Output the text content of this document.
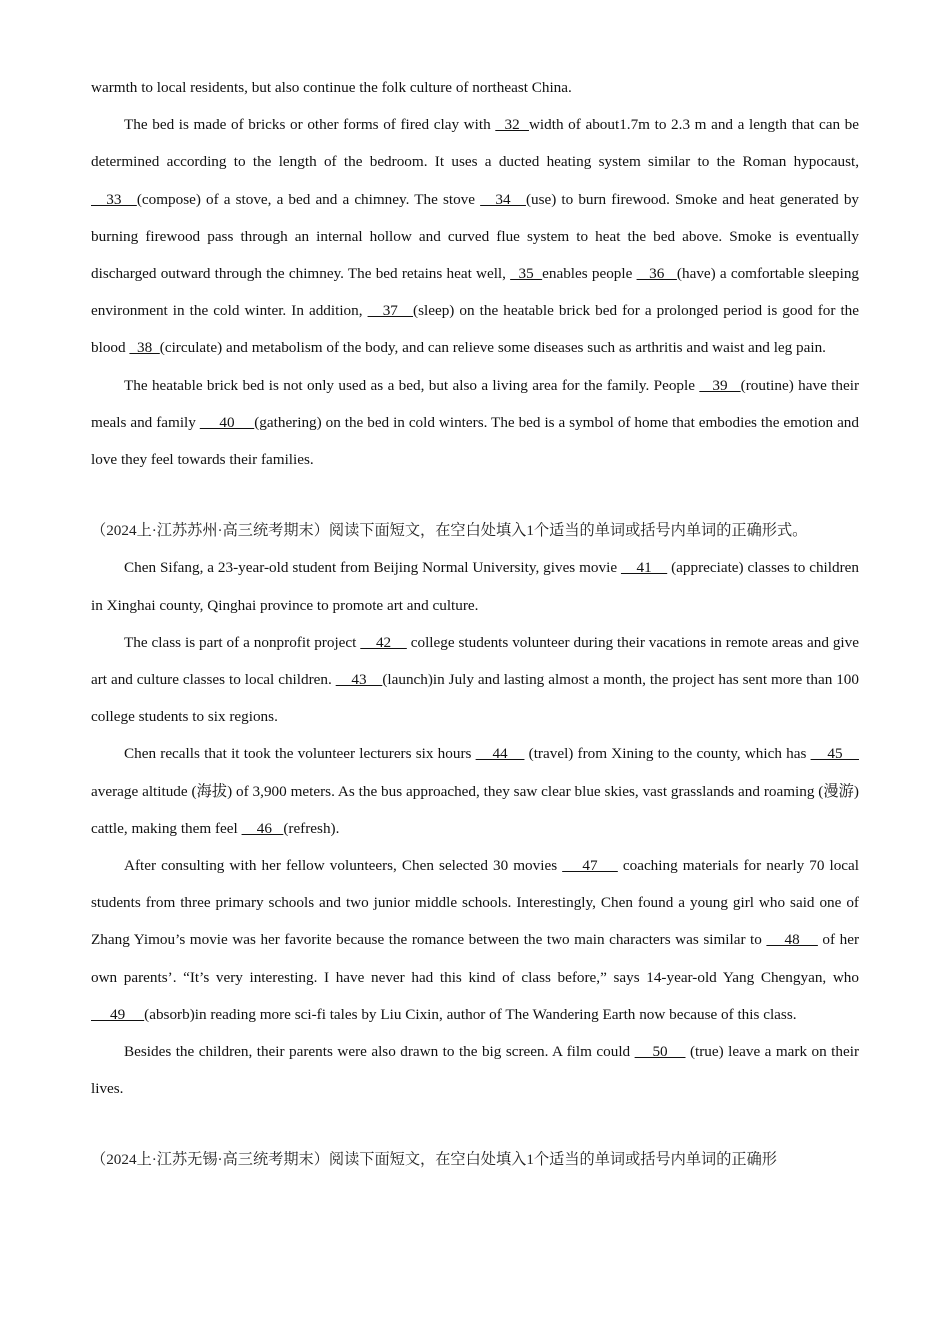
warmth to local residents, but also continue the folk culture of northeast China.

The bed is made of bricks or other forms of fired clay with   32  width of about1.7m to 2.3 m and a length that can be determined according to the length of the bedroom. It uses a ducted heating system similar to the Roman hypocaust,    33   (compose) of a stove, a bed and a chimney. The stove    34   (use) to burn firewood. Smoke and heat generated by burning firewood pass through an internal hollow and curved flue system to heat the bed above. Smoke is eventually discharged outward through the chimney. The bed retains heat well,   35  enables people    36   (have) a comfortable sleeping environment in the cold winter. In addition,    37   (sleep) on the heatable brick bed for a prolonged period is good for the blood   38  (circulate) and metabolism of the body, and can relieve some diseases such as arthritis and waist and leg pain.

The heatable brick bed is not only used as a bed, but also a living area for the family. People    39   (routine) have their meals and family      40     (gathering) on the bed in cold winters. The bed is a symbol of home that embodies the emotion and love they feel towards their families.

（2024上·江苏苏州·高三统考期末）阅读下面短文，在空白处填入1个适当的单词或括号内单词的正确形式。

Chen Sifang, a 23-year-old student from Beijing Normal University, gives movie     41     (appreciate) classes to children in Xinghai county, Qinghai province to promote art and culture.

The class is part of a nonprofit project     42     college students volunteer during their vacations in remote areas and give art and culture classes to local children.     43    (launch)in July and lasting almost a month, the project has sent more than 100 college students to six regions.

Chen recalls that it took the volunteer lecturers six hours     44     (travel) from Xining to the county, which has     45     average altitude (海拔) of 3,900 meters. As the bus approached, they saw clear blue skies, vast grasslands and roaming (漫游) cattle, making them feel     46   (refresh).

After consulting with her fellow volunteers, Chen selected 30 movies     47     coaching materials for nearly 70 local students from three primary schools and two junior middle schools. Interestingly, Chen found a young girl who said one of Zhang Yimou’s movie was her favorite because the romance between the two main characters was similar to     48     of her own parents’. “It’s very interesting. I have never had this kind of class before,” says 14-year-old Yang Chengyan, who      49     (absorb)in reading more sci-fi tales by Liu Cixin, author of The Wandering Earth now because of this class.

Besides the children, their parents were also drawn to the big screen. A film could     50     (true) leave a mark on their lives.

（2024上·江苏无锡·高三统考期末）阅读下面短文，在空白处填入1个适当的单词或括号内单词的正确形
